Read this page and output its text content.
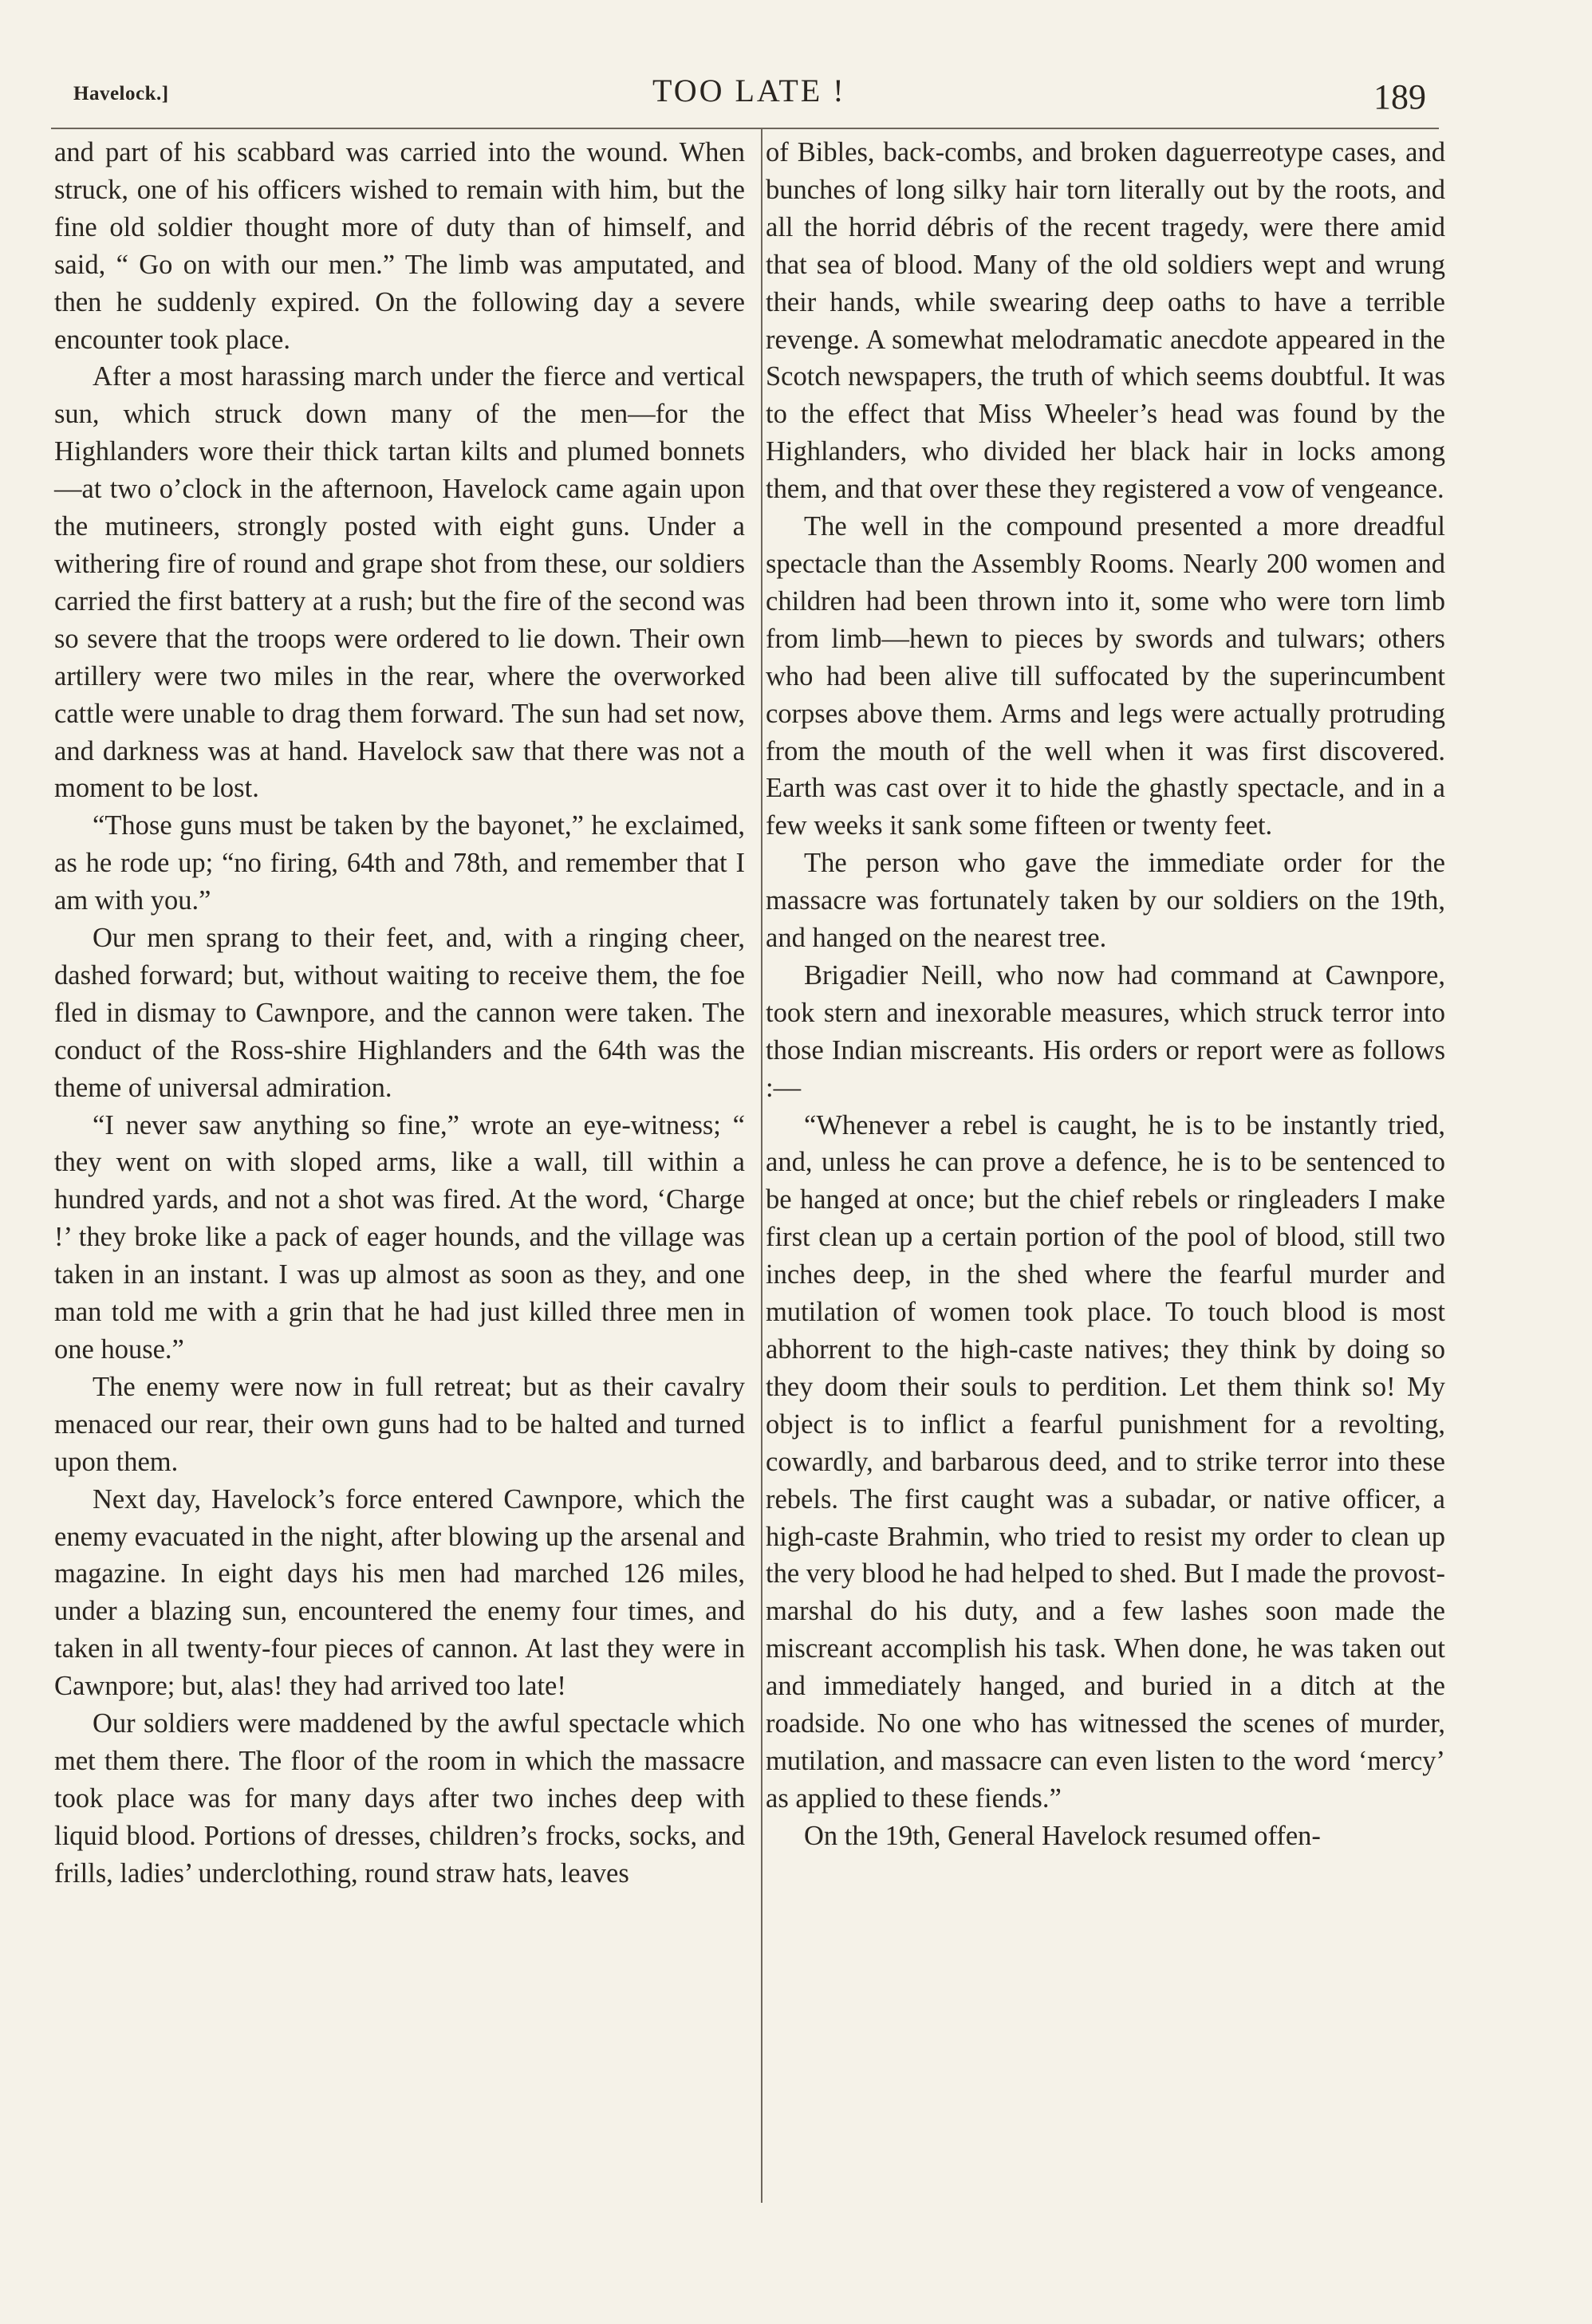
Havelock.]	TOO LATE !	189

and part of his scabbard was carried into the wound. When struck, one of his officers wished to remain with him, but the fine old soldier thought more of duty than of himself, and said, “ Go on with our men.” The limb was amputated, and then he suddenly expired. On the following day a severe encounter took place.

After a most harassing march under the fierce and vertical sun, which struck down many of the men—for the Highlanders wore their thick tartan kilts and plumed bonnets—at two o’clock in the afternoon, Havelock came again upon the mutineers, strongly posted with eight guns. Under a withering fire of round and grape shot from these, our soldiers carried the first battery at a rush; but the fire of the second was so severe that the troops were ordered to lie down. Their own artillery were two miles in the rear, where the overworked cattle were unable to drag them forward. The sun had set now, and darkness was at hand. Havelock saw that there was not a moment to be lost.

“Those guns must be taken by the bayonet,” he exclaimed, as he rode up; “no firing, 64th and 78th, and remember that I am with you.”

Our men sprang to their feet, and, with a ringing cheer, dashed forward; but, without waiting to receive them, the foe fled in dismay to Cawnpore, and the cannon were taken. The conduct of the Ross-shire Highlanders and the 64th was the theme of universal admiration.

“I never saw anything so fine,” wrote an eye-witness; “ they went on with sloped arms, like a wall, till within a hundred yards, and not a shot was fired. At the word, ‘Charge !’ they broke like a pack of eager hounds, and the village was taken in an instant. I was up almost as soon as they, and one man told me with a grin that he had just killed three men in one house.”

The enemy were now in full retreat; but as their cavalry menaced our rear, their own guns had to be halted and turned upon them.

Next day, Havelock’s force entered Cawnpore, which the enemy evacuated in the night, after blowing up the arsenal and magazine. In eight days his men had marched 126 miles, under a blazing sun, encountered the enemy four times, and taken in all twenty-four pieces of cannon. At last they were in Cawnpore; but, alas! they had arrived too late!

Our soldiers were maddened by the awful spectacle which met them there. The floor of the room in which the massacre took place was for many days after two inches deep with liquid blood. Portions of dresses, children’s frocks, socks, and frills, ladies’ underclothing, round straw hats, leaves

of Bibles, back-combs, and broken daguerreotype cases, and bunches of long silky hair torn literally out by the roots, and all the horrid débris of the recent tragedy, were there amid that sea of blood. Many of the old soldiers wept and wrung their hands, while swearing deep oaths to have a terrible revenge. A somewhat melodramatic anecdote appeared in the Scotch newspapers, the truth of which seems doubtful. It was to the effect that Miss Wheeler’s head was found by the Highlanders, who divided her black hair in locks among them, and that over these they registered a vow of vengeance.

The well in the compound presented a more dreadful spectacle than the Assembly Rooms. Nearly 200 women and children had been thrown into it, some who were torn limb from limb—hewn to pieces by swords and tulwars; others who had been alive till suffocated by the superincumbent corpses above them. Arms and legs were actually protruding from the mouth of the well when it was first discovered. Earth was cast over it to hide the ghastly spectacle, and in a few weeks it sank some fifteen or twenty feet.

The person who gave the immediate order for the massacre was fortunately taken by our soldiers on the 19th, and hanged on the nearest tree.

Brigadier Neill, who now had command at Cawnpore, took stern and inexorable measures, which struck terror into those Indian miscreants. His orders or report were as follows :—

“Whenever a rebel is caught, he is to be instantly tried, and, unless he can prove a defence, he is to be sentenced to be hanged at once; but the chief rebels or ringleaders I make first clean up a certain portion of the pool of blood, still two inches deep, in the shed where the fearful murder and mutilation of women took place. To touch blood is most abhorrent to the high-caste natives; they think by doing so they doom their souls to perdition. Let them think so! My object is to inflict a fearful punishment for a revolting, cowardly, and barbarous deed, and to strike terror into these rebels. The first caught was a subadar, or native officer, a high-caste Brahmin, who tried to resist my order to clean up the very blood he had helped to shed. But I made the provost-marshal do his duty, and a few lashes soon made the miscreant accomplish his task. When done, he was taken out and immediately hanged, and buried in a ditch at the roadside. No one who has witnessed the scenes of murder, mutilation, and massacre can even listen to the word ‘mercy’ as applied to these fiends.”

On the 19th, General Havelock resumed offen-
